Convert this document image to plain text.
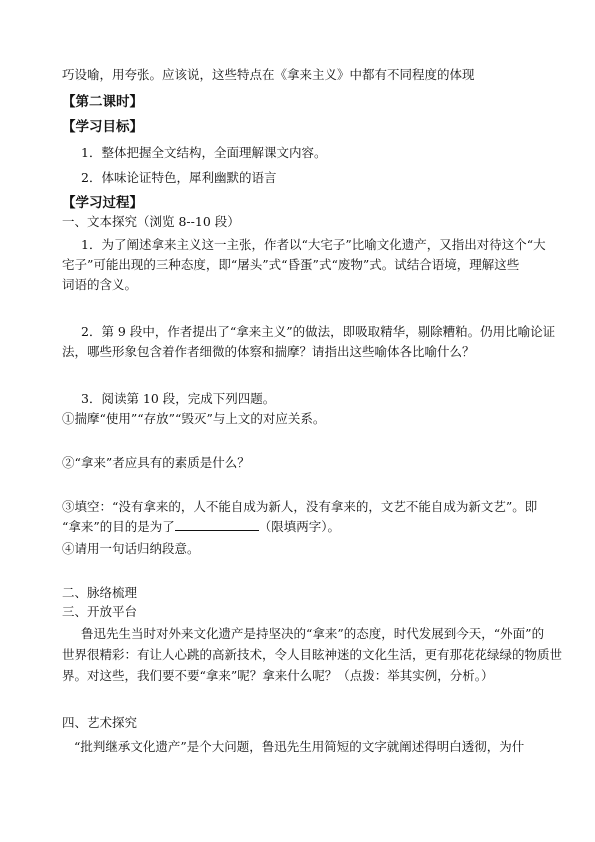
巧设喻，用夸张。应该说，这些特点在《拿来主义》中都有不同程度的体现
【第二课时】
【学习目标】
1．整体把握全文结构，全面理解课文内容。
2．体味论证特色，犀利幽默的语言
【学习过程】
一、文本探究（浏览 8--10 段）
1．为了阐述拿来主义这一主张，作者以“大宅子”比喻文化遗产，又指出对待这个“大
宅子”可能出现的三种态度，即“屠头”式“昏蛋”式“废物”式。试结合语境，理解这些
词语的含义。
2．第 9 段中，作者提出了“拿来主义”的做法，即吸取精华，剔除糟粕。仍用比喻论证
法，哪些形象包含着作者细微的体察和揣摩？请指出这些喻体各比喻什么？
3．阅读第 10 段，完成下列四题。
①揣摩“使用”“存放”“毁灭”与上文的对应关系。
②“拿来”者应具有的素质是什么？
③填空：“没有拿来的，人不能自成为新人，没有拿来的，文艺不能自成为新文艺”。即
“拿来”的目的是为了	（限填两字）。
④请用一句话归纳段意。
二、脉络梳理
三、开放平台
鲁迅先生当时对外来文化遗产是持坚决的“拿来”的态度，时代发展到今天，“外面”的
世界很精彩：有让人心跳的高新技术，令人目眩神迷的文化生活，更有那花花绿绿的物质世
界。对这些，我们要不要“拿来”呢？拿来什么呢？（点拨：举其实例，分析。）
四、艺术探究
“批判继承文化遗产”是个大问题，鲁迅先生用简短的文字就阐述得明白透彻，为什
